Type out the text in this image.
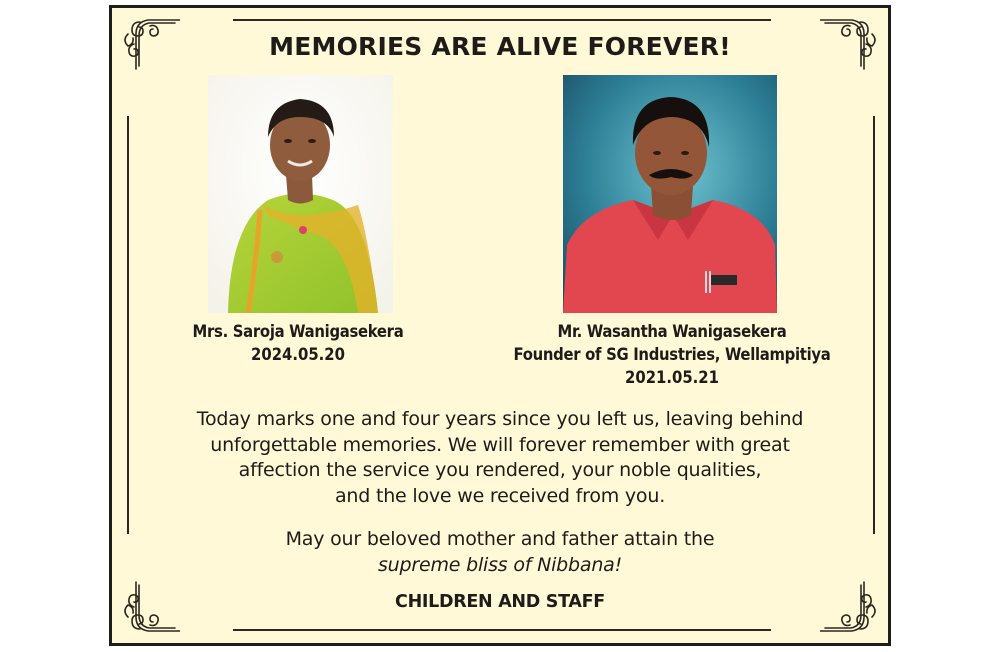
MEMORIES ARE ALIVE FOREVER!
Mrs. Saroja Wanigasekera
2024.05.20
Mr. Wasantha Wanigasekera
Founder of SG Industries, Wellampitiya
2021.05.21
Today marks one and four years since you left us, leaving behind
unforgettable memories. We will forever remember with great
affection the service you rendered, your noble qualities,
and the love we received from you.
May our beloved mother and father attain the
supreme bliss of Nibbana!
CHILDREN AND STAFF
